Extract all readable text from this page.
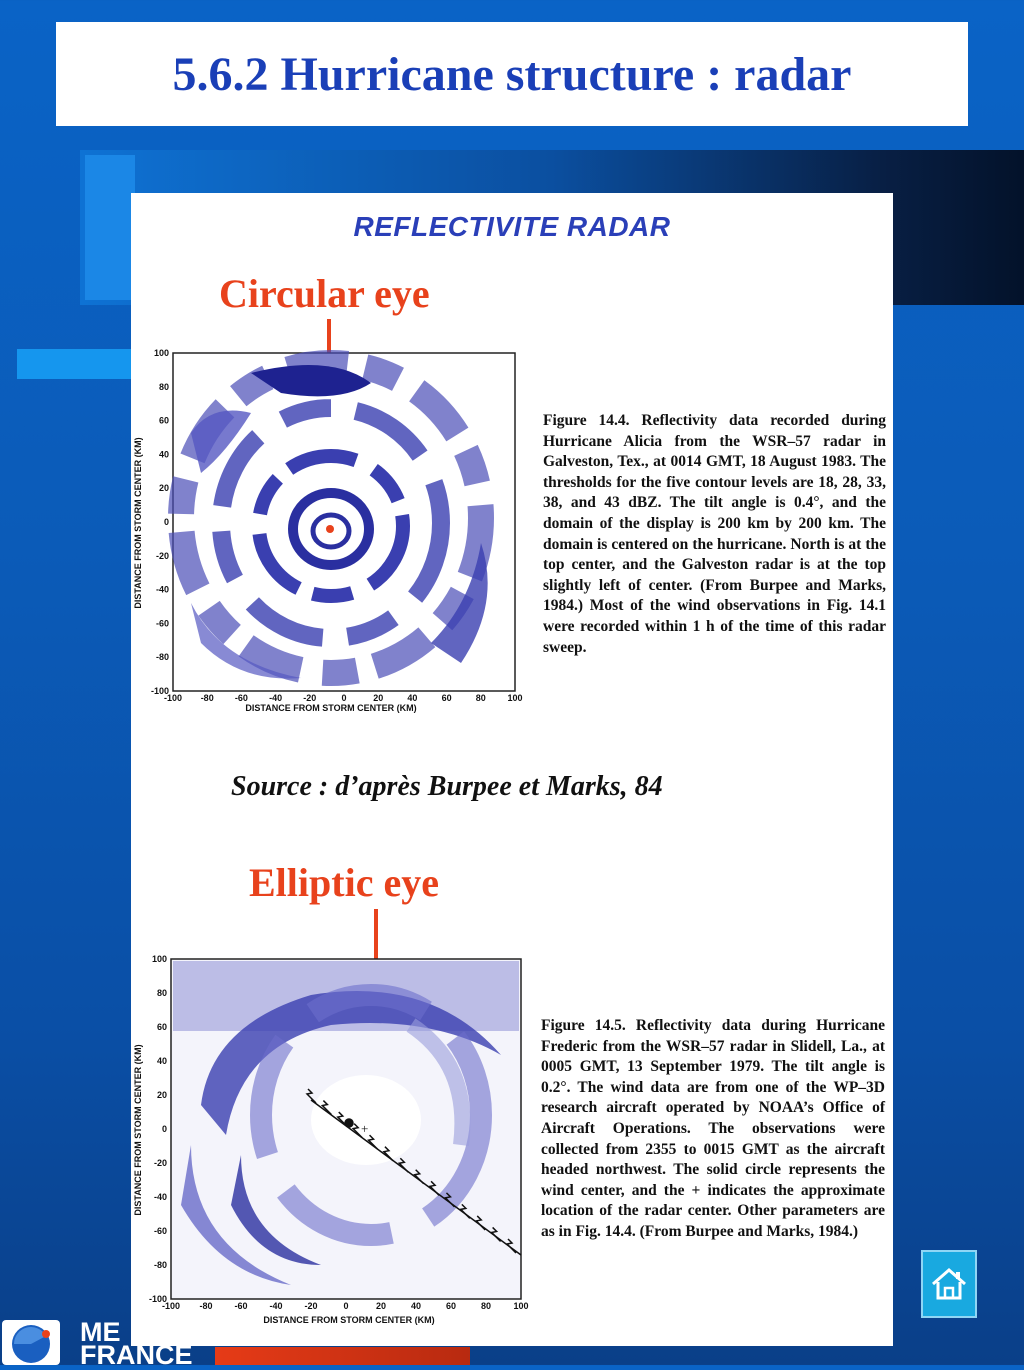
5.6.2 Hurricane structure : radar
REFLECTIVITE RADAR
Circular eye
-100 -80 -60 -40 -20	0	20	40	60	80 100
100
80
60
40
20
0
-20
-40
-60
-80
-100
DISTANCE FROM STORM CENTER (KM)
DISTANCE FROM STORM CENTER (KM)
Figure 14.4. Reflectivity data recorded during Hurricane Alicia from the WSR–57 radar in Galveston, Tex., at 0014 GMT, 18 August 1983. The thresholds for the five contour levels are 18, 28, 33, 38, and 43 dBZ. The tilt angle is 0.4°, and the domain of the display is 200 km by 200 km. The domain is centered on the hurricane. North is at the top center, and the Galveston radar is at the top slightly left of center. (From Burpee and Marks, 1984.) Most of the wind observations in Fig. 14.1 were recorded within 1 h of the time of this radar sweep.
Source : d’après Burpee et Marks, 84
Elliptic eye
+
-100 -80 -60 -40 -20	0	20	40	60	80 100
100
80
60
40
20
0
-20
-40
-60
-80
-100
DISTANCE FROM STORM CENTER (KM)
DISTANCE FROM STORM CENTER (KM)
Figure 14.5. Reflectivity data during Hurricane Frederic from the WSR–57 radar in Slidell, La., at 0005 GMT, 13 September 1979. The tilt angle is 0.2°. The wind data are from one of the WP–3D research aircraft operated by NOAA’s Office of Aircraft Operations. The observations were collected from 2355 to 0015 GMT as the aircraft headed northwest. The solid circle represents the wind center, and the + indicates the approximate location of the radar center. Other parameters are as in Fig. 14.4. (From Burpee and Marks, 1984.)
ME
FRANCE
